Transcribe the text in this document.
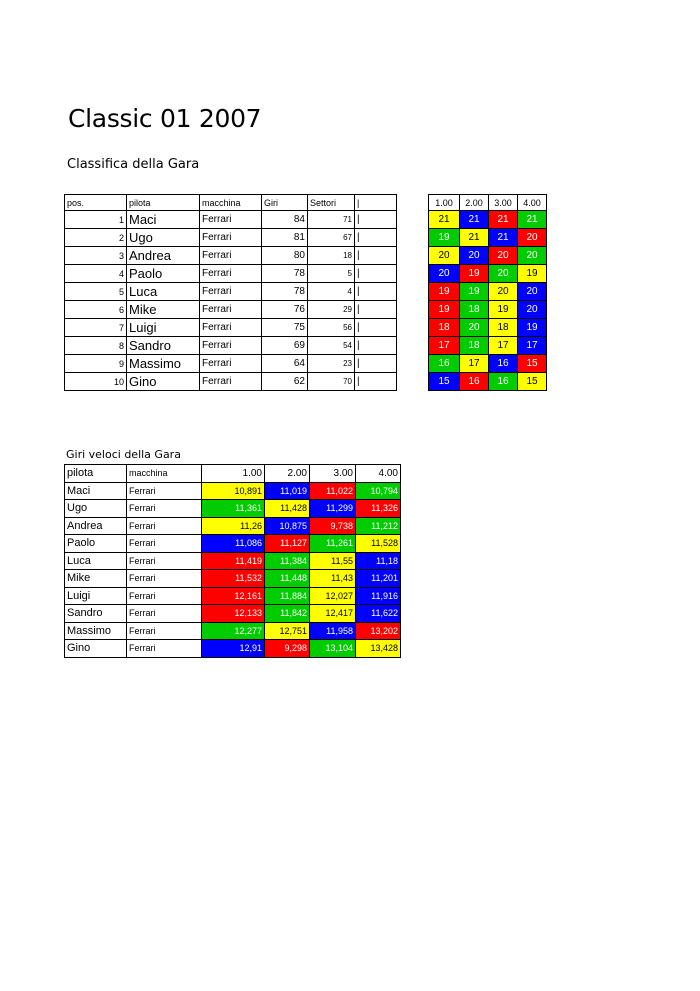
Classic 01 2007
Classifica della Gara
pos.	pilota	macchina	Giri	Settori	|		1.00	2.00	3.00	4.00
1	Maci	Ferrari	84	71	|		21	21	21	21
2	Ugo	Ferrari	81	67	|		19	21	21	20
3	Andrea	Ferrari	80	18	|		20	20	20	20
4	Paolo	Ferrari	78	5	|		20	19	20	19
5	Luca	Ferrari	78	4	|		19	19	20	20
6	Mike	Ferrari	76	29	|		19	18	19	20
7	Luigi	Ferrari	75	56	|		18	20	18	19
8	Sandro	Ferrari	69	54	|		17	18	17	17
9	Massimo	Ferrari	64	23	|		16	17	16	15
10	Gino	Ferrari	62	70	|		15	16	16	15
Giri veloci della Gara
pilota	macchina	1.00	2.00	3.00	4.00
Maci	Ferrari	10,891	11,019	11,022	10,794
Ugo	Ferrari	11,361	11,428	11,299	11,326
Andrea	Ferrari	11,26	10,875	9,738	11,212
Paolo	Ferrari	11,086	11,127	11,261	11,528
Luca	Ferrari	11,419	11,384	11,55	11,18
Mike	Ferrari	11,532	11,448	11,43	11,201
Luigi	Ferrari	12,161	11,884	12,027	11,916
Sandro	Ferrari	12,133	11,842	12,417	11,622
Massimo	Ferrari	12,277	12,751	11,958	13,202
Gino	Ferrari	12,91	9,298	13,104	13,428
